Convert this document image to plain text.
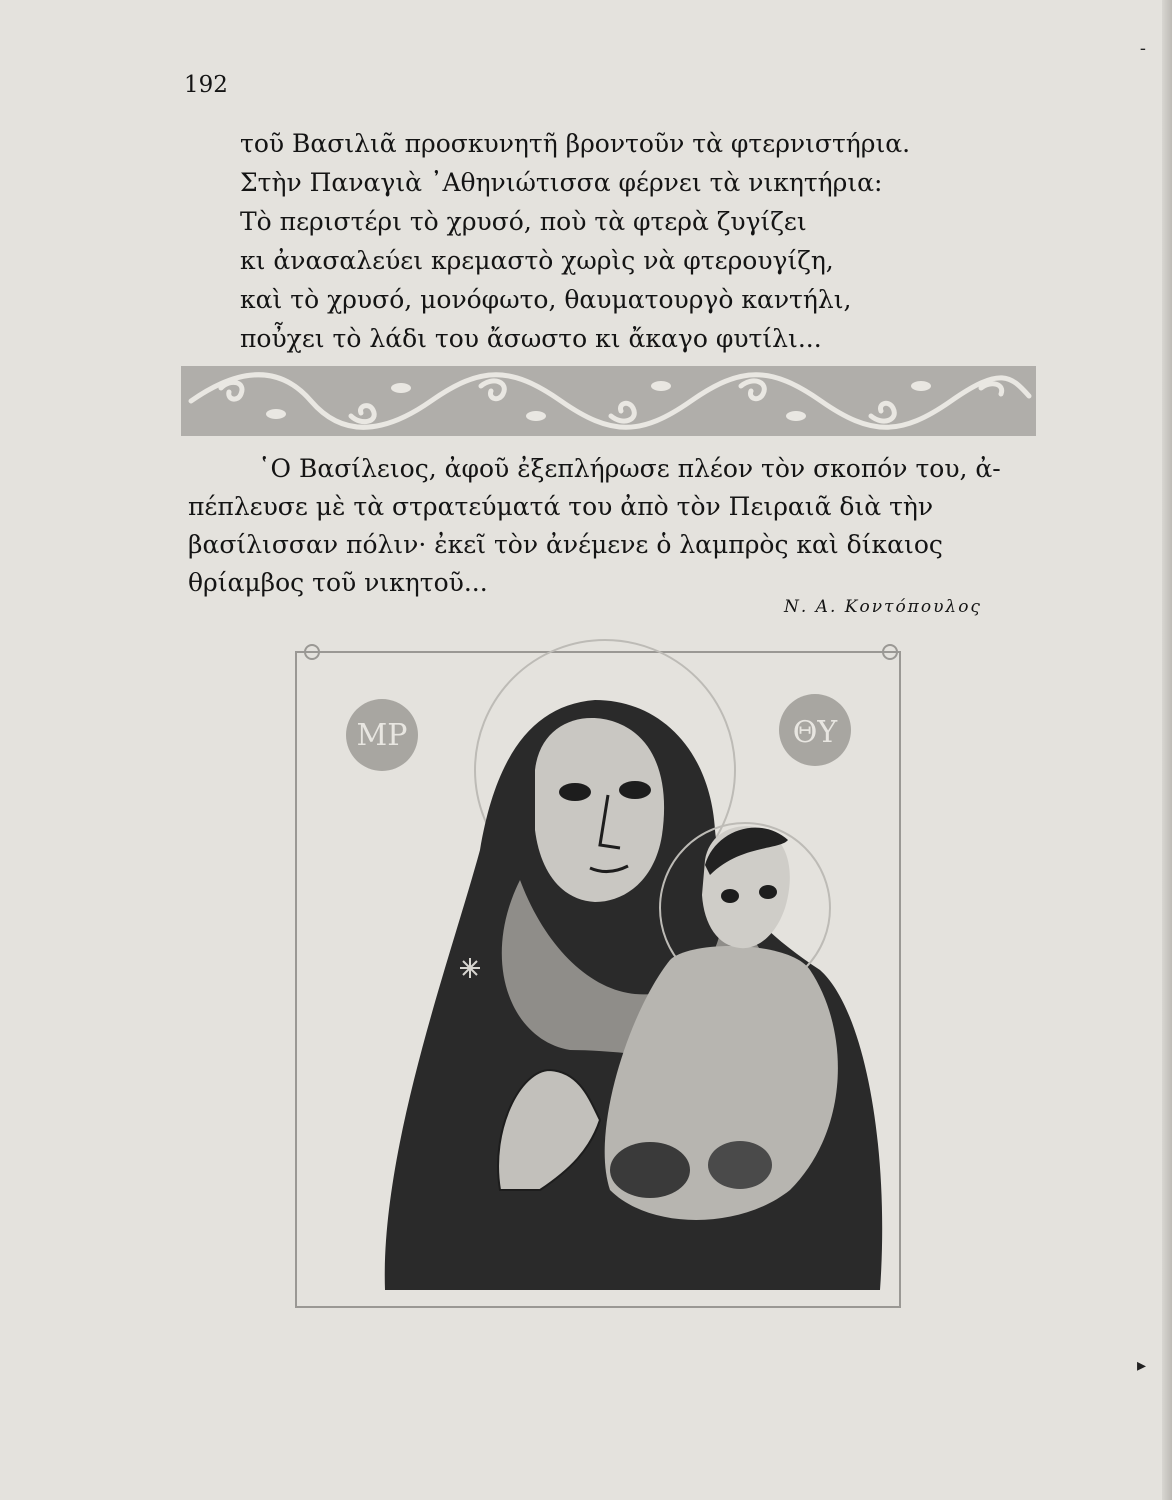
192
τοῦ Βασιλιᾶ προσκυνητῆ βροντοῦν τὰ φτερνιστήρια.
Στὴν Παναγιὰ ᾿Αθηνιώτισσα φέρνει τὰ νικητήρια:
Τὸ περιστέρι τὸ χρυσό, ποὺ τὰ φτερὰ ζυγίζει
κι ἀνασαλεύει κρεμαστὸ χωρὶς νὰ φτερουγίζη,
καὶ τὸ χρυσό, μονόφωτο, θαυματουργὸ καντήλι,
ποὖχει τὸ λάδι του ἄσωστο κι ἄκαγο φυτίλι...
῾Ο Βασίλειος, ἀφοῦ ἐξεπλήρωσε πλέον τὸν σκοπόν του, ἀ-
πέπλευσε μὲ τὰ στρατεύματά του ἀπὸ τὸν Πειραιᾶ διὰ τὴν
βασίλισσαν πόλιν· ἐκεῖ τὸν ἀνέμενε ὁ λαμπρὸς καὶ δίκαιος
θρίαμβος τοῦ νικητοῦ...
Ν. Α. Κοντόπουλος
ΜΡ	ΘΥ
-
▸
